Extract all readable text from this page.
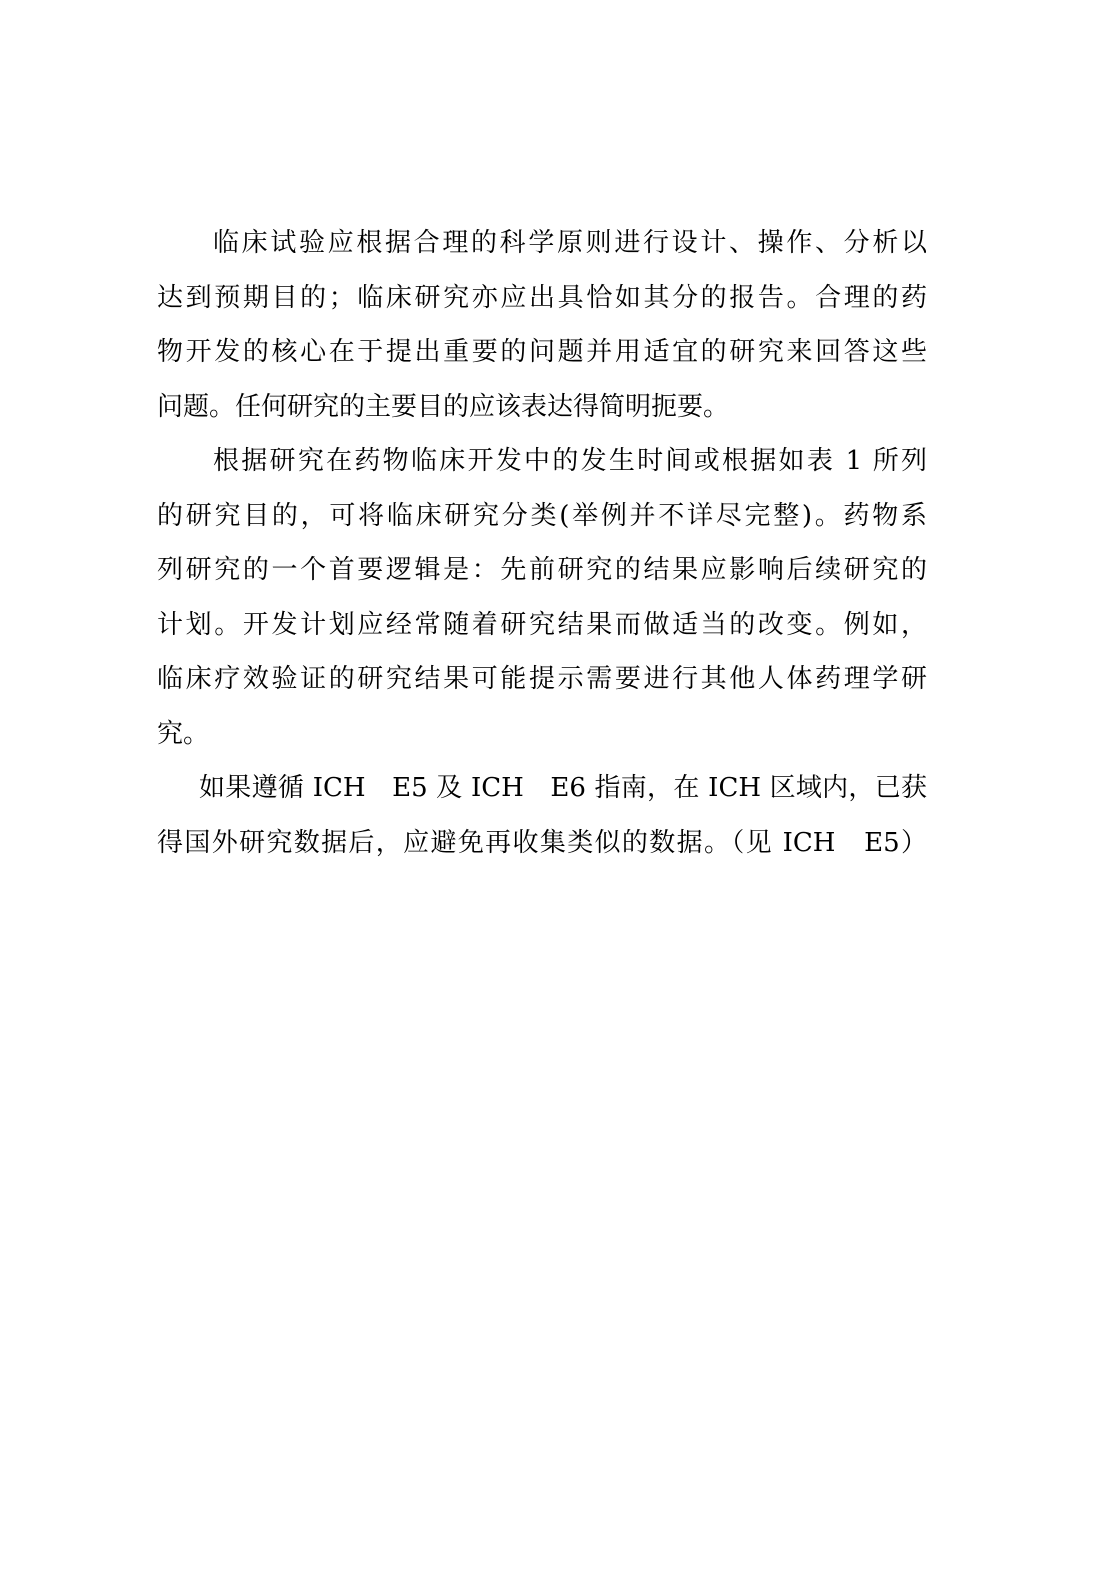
临床试验应根据合理的科学原则进行设计、操作、分析以
达到预期目的；临床研究亦应出具恰如其分的报告。合理的药
物开发的核心在于提出重要的问题并用适宜的研究来回答这些
问题。任何研究的主要目的应该表达得简明扼要。
根据研究在药物临床开发中的发生时间或根据如表 1 所列
的研究目的，可将临床研究分类(举例并不详尽完整)。药物系
列研究的一个首要逻辑是：先前研究的结果应影响后续研究的
计划。开发计划应经常随着研究结果而做适当的改变。例如，
临床疗效验证的研究结果可能提示需要进行其他人体药理学研
究。
如果遵循 ICH　E5 及 ICH　E6 指南，在 ICH 区域内，已获
得国外研究数据后，应避免再收集类似的数据。（见 ICH　E5）
